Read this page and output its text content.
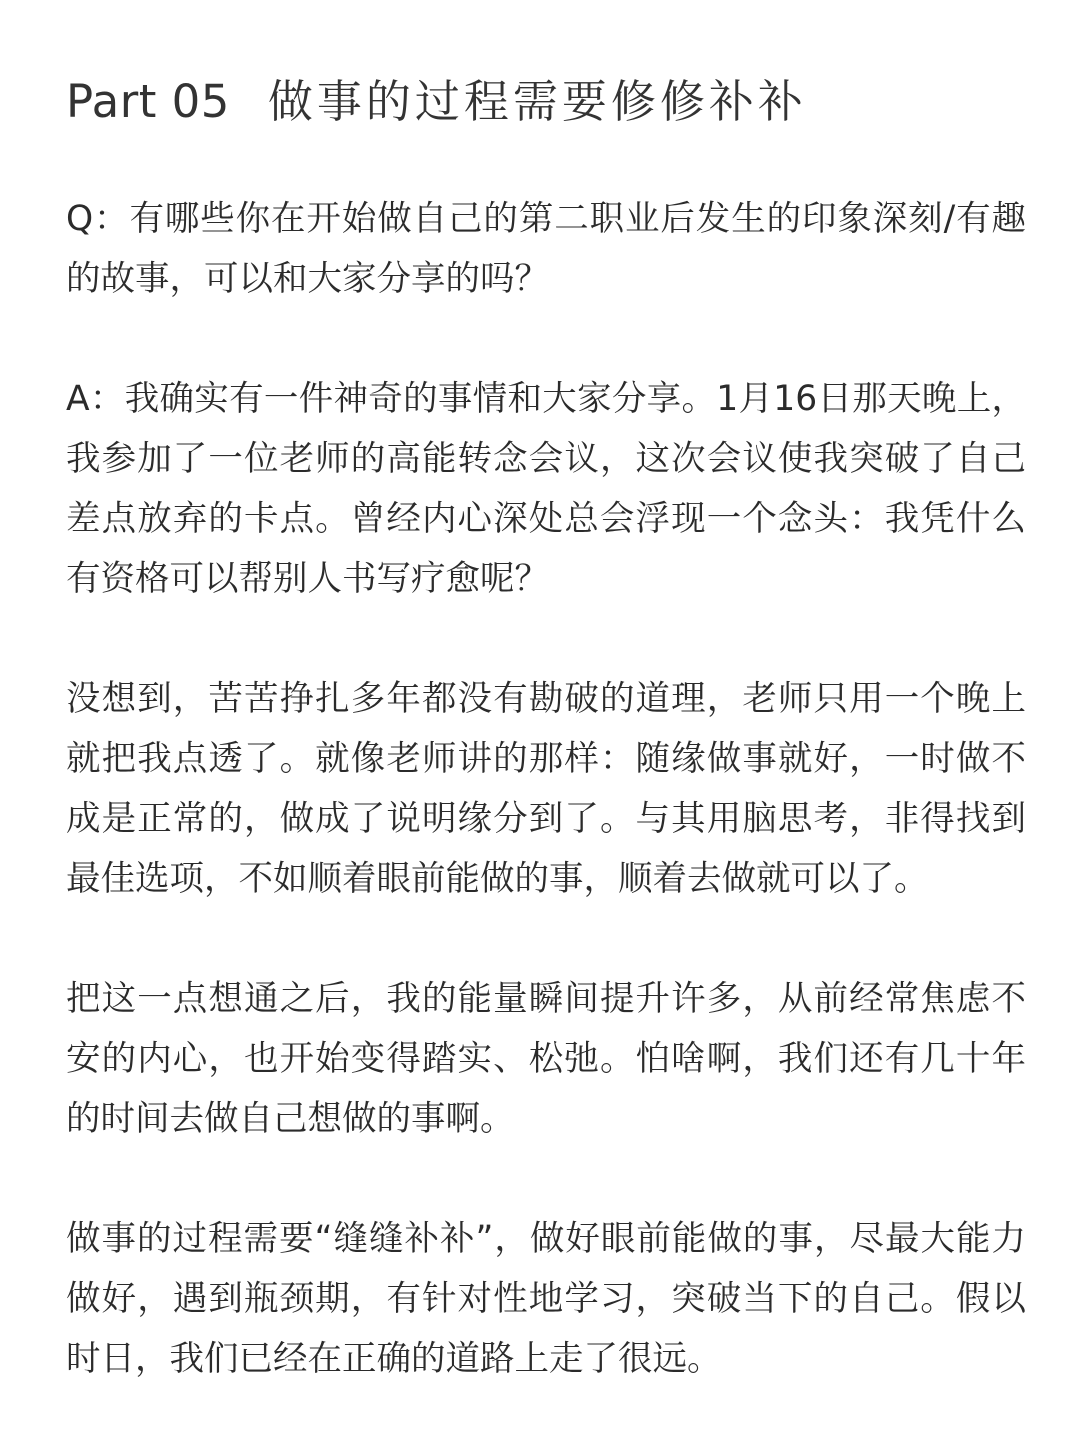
Part 05 做事的过程需要修修补补

Q：有哪些你在开始做自己的第二职业后发生的印象深刻/有趣的故事，可以和大家分享的吗？

A：我确实有一件神奇的事情和大家分享。1月16日那天晚上，我参加了一位老师的高能转念会议，这次会议使我突破了自己差点放弃的卡点。曾经内心深处总会浮现一个念头：我凭什么有资格可以帮别人书写疗愈呢？

没想到，苦苦挣扎多年都没有勘破的道理，老师只用一个晚上就把我点透了。就像老师讲的那样：随缘做事就好，一时做不成是正常的，做成了说明缘分到了。与其用脑思考，非得找到最佳选项，不如顺着眼前能做的事，顺着去做就可以了。

把这一点想通之后，我的能量瞬间提升许多，从前经常焦虑不安的内心，也开始变得踏实、松弛。怕啥啊，我们还有几十年的时间去做自己想做的事啊。

做事的过程需要“缝缝补补”，做好眼前能做的事，尽最大能力做好，遇到瓶颈期，有针对性地学习，突破当下的自己。假以时日，我们已经在正确的道路上走了很远。
